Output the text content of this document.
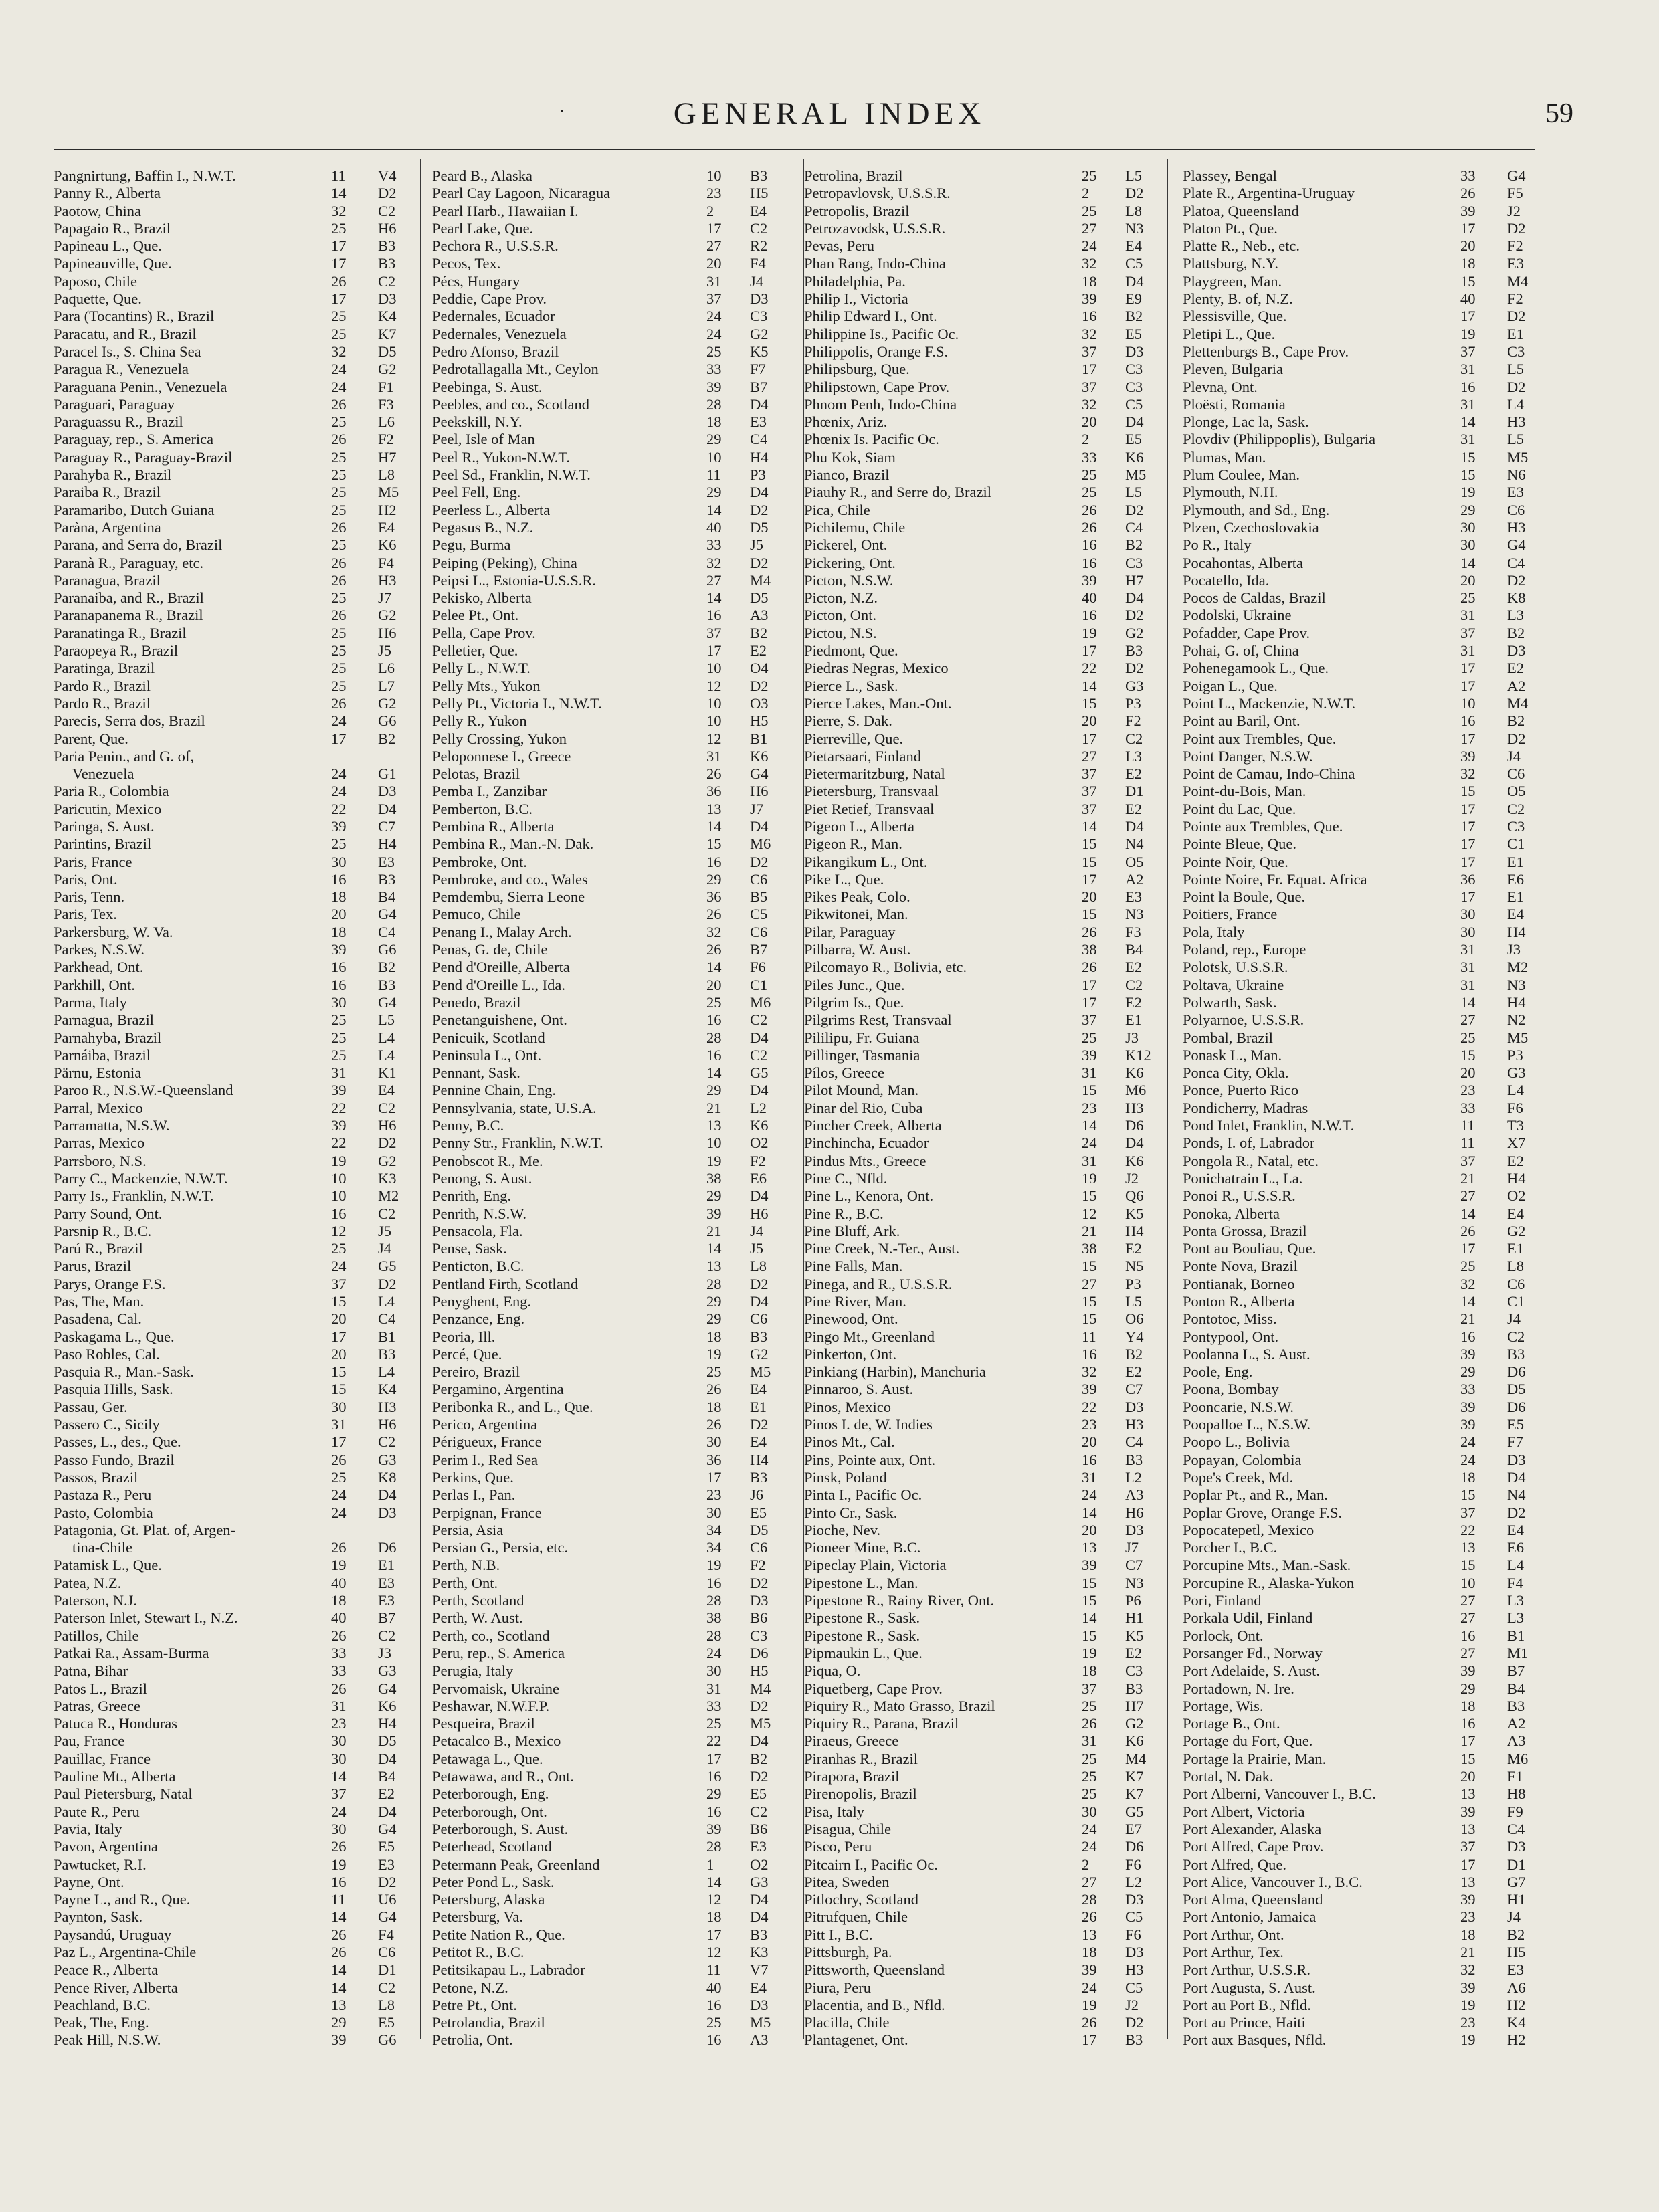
·	GENERAL INDEX	59
Pangnirtung, Baffin I., N.W.T.	11 V4
Panny R., Alberta	14 D2
Paotow, China	32 C2
Papagaio R., Brazil	25 H6
Papineau L., Que.	17 B3
Papineauville, Que.	17 B3
Paposo, Chile	26 C2
Paquette, Que.	17 D3
Para (Tocantins) R., Brazil	25 K4
Paracatu, and R., Brazil	25 K7
Paracel Is., S. China Sea	32 D5
Paragua R., Venezuela	24 G2
Paraguana Penin., Venezuela	24 F1
Paraguari, Paraguay	26 F3
Paraguassu R., Brazil	25 L6
Paraguay, rep., S. America	26 F2
Paraguay R., Paraguay-Brazil	25 H7
Parahyba R., Brazil	25 L8
Paraiba R., Brazil	25 M5
Paramaribo, Dutch Guiana	25 H2
Paràna, Argentina	26 E4
Parana, and Serra do, Brazil	25 K6
Paranà R., Paraguay, etc.	26 F4
Paranagua, Brazil	26 H3
Paranaiba, and R., Brazil	25 J7
Paranapanema R., Brazil	26 G2
Paranatinga R., Brazil	25 H6
Paraopeya R., Brazil	25 J5
Paratinga, Brazil	25 L6
Pardo R., Brazil	25 L7
Pardo R., Brazil	26 G2
Parecis, Serra dos, Brazil	24 G6
Parent, Que.	17 B2
Paria Penin., and G. of,
Venezuela	24 G1
Paria R., Colombia	24 D3
Paricutin, Mexico	22 D4
Paringa, S. Aust.	39 C7
Parintins, Brazil	25 H4
Paris, France	30 E3
Paris, Ont.	16 B3
Paris, Tenn.	18 B4
Paris, Tex.	20 G4
Parkersburg, W. Va.	18 C4
Parkes, N.S.W.	39 G6
Parkhead, Ont.	16 B2
Parkhill, Ont.	16 B3
Parma, Italy	30 G4
Parnagua, Brazil	25 L5
Parnahyba, Brazil	25 L4
Parnáiba, Brazil	25 L4
Pärnu, Estonia	31 K1
Paroo R., N.S.W.-Queensland	39 E4
Parral, Mexico	22 C2
Parramatta, N.S.W.	39 H6
Parras, Mexico	22 D2
Parrsboro, N.S.	19 G2
Parry C., Mackenzie, N.W.T.	10 K3
Parry Is., Franklin, N.W.T.	10 M2
Parry Sound, Ont.	16 C2
Parsnip R., B.C.	12 J5
Parú R., Brazil	25 J4
Parus, Brazil	24 G5
Parys, Orange F.S.	37 D2
Pas, The, Man.	15 L4
Pasadena, Cal.	20 C4
Paskagama L., Que.	17 B1
Paso Robles, Cal.	20 B3
Pasquia R., Man.-Sask.	15 L4
Pasquia Hills, Sask.	15 K4
Passau, Ger.	30 H3
Passero C., Sicily	31 H6
Passes, L., des., Que.	17 C2
Passo Fundo, Brazil	26 G3
Passos, Brazil	25 K8
Pastaza R., Peru	24 D4
Pasto, Colombia	24 D3
Patagonia, Gt. Plat. of, Argen-
tina-Chile	26 D6
Patamisk L., Que.	19 E1
Patea, N.Z.	40 E3
Paterson, N.J.	18 E3
Paterson Inlet, Stewart I., N.Z.	40 B7
Patillos, Chile	26 C2
Patkai Ra., Assam-Burma	33 J3
Patna, Bihar	33 G3
Patos L., Brazil	26 G4
Patras, Greece	31 K6
Patuca R., Honduras	23 H4
Pau, France	30 D5
Pauillac, France	30 D4
Pauline Mt., Alberta	14 B4
Paul Pietersburg, Natal	37 E2
Paute R., Peru	24 D4
Pavia, Italy	30 G4
Pavon, Argentina	26 E5
Pawtucket, R.I.	19 E3
Payne, Ont.	16 D2
Payne L., and R., Que.	11 U6
Paynton, Sask.	14 G4
Paysandú, Uruguay	26 F4
Paz L., Argentina-Chile	26 C6
Peace R., Alberta	14 D1
Pence River, Alberta	14 C2
Peachland, B.C.	13 L8
Peak, The, Eng.	29 E5
Peak Hill, N.S.W.	39 G6
Peard B., Alaska	10 B3
Pearl Cay Lagoon, Nicaragua	23 H5
Pearl Harb., Hawaiian I.	2 E4
Pearl Lake, Que.	17 C2
Pechora R., U.S.S.R.	27 R2
Pecos, Tex.	20 F4
Pécs, Hungary	31 J4
Peddie, Cape Prov.	37 D3
Pedernales, Ecuador	24 C3
Pedernales, Venezuela	24 G2
Pedro Afonso, Brazil	25 K5
Pedrotallagalla Mt., Ceylon	33 F7
Peebinga, S. Aust.	39 B7
Peebles, and co., Scotland	28 D4
Peekskill, N.Y.	18 E3
Peel, Isle of Man	29 C4
Peel R., Yukon-N.W.T.	10 H4
Peel Sd., Franklin, N.W.T.	11 P3
Peel Fell, Eng.	29 D4
Peerless L., Alberta	14 D2
Pegasus B., N.Z.	40 D5
Pegu, Burma	33 J5
Peiping (Peking), China	32 D2
Peipsi L., Estonia-U.S.S.R.	27 M4
Pekisko, Alberta	14 D5
Pelee Pt., Ont.	16 A3
Pella, Cape Prov.	37 B2
Pelletier, Que.	17 E2
Pelly L., N.W.T.	10 O4
Pelly Mts., Yukon	12 D2
Pelly Pt., Victoria I., N.W.T.	10 O3
Pelly R., Yukon	10 H5
Pelly Crossing, Yukon	12 B1
Peloponnese I., Greece	31 K6
Pelotas, Brazil	26 G4
Pemba I., Zanzibar	36 H6
Pemberton, B.C.	13 J7
Pembina R., Alberta	14 D4
Pembina R., Man.-N. Dak.	15 M6
Pembroke, Ont.	16 D2
Pembroke, and co., Wales	29 C6
Pemdembu, Sierra Leone	36 B5
Pemuco, Chile	26 C5
Penang I., Malay Arch.	32 C6
Penas, G. de, Chile	26 B7
Pend d'Oreille, Alberta	14 F6
Pend d'Oreille L., Ida.	20 C1
Penedo, Brazil	25 M6
Penetanguishene, Ont.	16 C2
Penicuik, Scotland	28 D4
Peninsula L., Ont.	16 C2
Pennant, Sask.	14 G5
Pennine Chain, Eng.	29 D4
Pennsylvania, state, U.S.A.	21 L2
Penny, B.C.	13 K6
Penny Str., Franklin, N.W.T.	10 O2
Penobscot R., Me.	19 F2
Penong, S. Aust.	38 E6
Penrith, Eng.	29 D4
Penrith, N.S.W.	39 H6
Pensacola, Fla.	21 J4
Pense, Sask.	14 J5
Penticton, B.C.	13 L8
Pentland Firth, Scotland	28 D2
Penyghent, Eng.	29 D4
Penzance, Eng.	29 C6
Peoria, Ill.	18 B3
Percé, Que.	19 G2
Pereiro, Brazil	25 M5
Pergamino, Argentina	26 E4
Peribonka R., and L., Que.	18 E1
Perico, Argentina	26 D2
Périgueux, France	30 E4
Perim I., Red Sea	36 H4
Perkins, Que.	17 B3
Perlas I., Pan.	23 J6
Perpignan, France	30 E5
Persia, Asia	34 D5
Persian G., Persia, etc.	34 C6
Perth, N.B.	19 F2
Perth, Ont.	16 D2
Perth, Scotland	28 D3
Perth, W. Aust.	38 B6
Perth, co., Scotland	28 C3
Peru, rep., S. America	24 D6
Perugia, Italy	30 H5
Pervomaisk, Ukraine	31 M4
Peshawar, N.W.F.P.	33 D2
Pesqueira, Brazil	25 M5
Petacalco B., Mexico	22 D4
Petawaga L., Que.	17 B2
Petawawa, and R., Ont.	16 D2
Peterborough, Eng.	29 E5
Peterborough, Ont.	16 C2
Peterborough, S. Aust.	39 B6
Peterhead, Scotland	28 E3
Petermann Peak, Greenland	1 O2
Peter Pond L., Sask.	14 G3
Petersburg, Alaska	12 D4
Petersburg, Va.	18 D4
Petite Nation R., Que.	17 B3
Petitot R., B.C.	12 K3
Petitsikapau L., Labrador	11 V7
Petone, N.Z.	40 E4
Petre Pt., Ont.	16 D3
Petrolandia, Brazil	25 M5
Petrolia, Ont.	16 A3
Petrolina, Brazil	25 L5
Petropavlovsk, U.S.S.R.	2 D2
Petropolis, Brazil	25 L8
Petrozavodsk, U.S.S.R.	27 N3
Pevas, Peru	24 E4
Phan Rang, Indo-China	32 C5
Philadelphia, Pa.	18 D4
Philip I., Victoria	39 E9
Philip Edward I., Ont.	16 B2
Philippine Is., Pacific Oc.	32 E5
Philippolis, Orange F.S.	37 D3
Philipsburg, Que.	17 C3
Philipstown, Cape Prov.	37 C3
Phnom Penh, Indo-China	32 C5
Phœnix, Ariz.	20 D4
Phœnix Is. Pacific Oc.	2 E5
Phu Kok, Siam	33 K6
Pianco, Brazil	25 M5
Piauhy R., and Serre do, Brazil	25 L5
Pica, Chile	26 D2
Pichilemu, Chile	26 C4
Pickerel, Ont.	16 B2
Pickering, Ont.	16 C3
Picton, N.S.W.	39 H7
Picton, N.Z.	40 D4
Picton, Ont.	16 D2
Pictou, N.S.	19 G2
Piedmont, Que.	17 B3
Piedras Negras, Mexico	22 D2
Pierce L., Sask.	14 G3
Pierce Lakes, Man.-Ont.	15 P3
Pierre, S. Dak.	20 F2
Pierreville, Que.	17 C2
Pietarsaari, Finland	27 L3
Pietermaritzburg, Natal	37 E2
Pietersburg, Transvaal	37 D1
Piet Retief, Transvaal	37 E2
Pigeon L., Alberta	14 D4
Pigeon R., Man.	15 N4
Pikangikum L., Ont.	15 O5
Pike L., Que.	17 A2
Pikes Peak, Colo.	20 E3
Pikwitonei, Man.	15 N3
Pilar, Paraguay	26 F3
Pilbarra, W. Aust.	38 B4
Pilcomayo R., Bolivia, etc.	26 E2
Piles Junc., Que.	17 C2
Pilgrim Is., Que.	17 E2
Pilgrims Rest, Transvaal	37 E1
Pililipu, Fr. Guiana	25 J3
Pillinger, Tasmania	39 K12
Pílos, Greece	31 K6
Pilot Mound, Man.	15 M6
Pinar del Rio, Cuba	23 H3
Pincher Creek, Alberta	14 D6
Pinchincha, Ecuador	24 D4
Pindus Mts., Greece	31 K6
Pine C., Nfld.	19 J2
Pine L., Kenora, Ont.	15 Q6
Pine R., B.C.	12 K5
Pine Bluff, Ark.	21 H4
Pine Creek, N.-Ter., Aust.	38 E2
Pine Falls, Man.	15 N5
Pinega, and R., U.S.S.R.	27 P3
Pine River, Man.	15 L5
Pinewood, Ont.	15 O6
Pingo Mt., Greenland	11 Y4
Pinkerton, Ont.	16 B2
Pinkiang (Harbin), Manchuria	32 E2
Pinnaroo, S. Aust.	39 C7
Pinos, Mexico	22 D3
Pinos I. de, W. Indies	23 H3
Pinos Mt., Cal.	20 C4
Pins, Pointe aux, Ont.	16 B3
Pinsk, Poland	31 L2
Pinta I., Pacific Oc.	24 A3
Pinto Cr., Sask.	14 H6
Pioche, Nev.	20 D3
Pioneer Mine, B.C.	13 J7
Pipeclay Plain, Victoria	39 C7
Pipestone L., Man.	15 N3
Pipestone R., Rainy River, Ont.	15 P6
Pipestone R., Sask.	14 H1
Pipestone R., Sask.	15 K5
Pipmaukin L., Que.	19 E2
Piqua, O.	18 C3
Piquetberg, Cape Prov.	37 B3
Piquiry R., Mato Grasso, Brazil	25 H7
Piquiry R., Parana, Brazil	26 G2
Piraeus, Greece	31 K6
Piranhas R., Brazil	25 M4
Pirapora, Brazil	25 K7
Pirenopolis, Brazil	25 K7
Pisa, Italy	30 G5
Pisagua, Chile	24 E7
Pisco, Peru	24 D6
Pitcairn I., Pacific Oc.	2 F6
Pitea, Sweden	27 L2
Pitlochry, Scotland	28 D3
Pitrufquen, Chile	26 C5
Pitt I., B.C.	13 F6
Pittsburgh, Pa.	18 D3
Pittsworth, Queensland	39 H3
Piura, Peru	24 C5
Placentia, and B., Nfld.	19 J2
Placilla, Chile	26 D2
Plantagenet, Ont.	17 B3
Plassey, Bengal	33 G4
Plate R., Argentina-Uruguay	26 F5
Platoa, Queensland	39 J2
Platon Pt., Que.	17 D2
Platte R., Neb., etc.	20 F2
Plattsburg, N.Y.	18 E3
Playgreen, Man.	15 M4
Plenty, B. of, N.Z.	40 F2
Plessisville, Que.	17 D2
Pletipi L., Que.	19 E1
Plettenburgs B., Cape Prov.	37 C3
Pleven, Bulgaria	31 L5
Plevna, Ont.	16 D2
Ploësti, Romania	31 L4
Plonge, Lac la, Sask.	14 H3
Plovdiv (Philippoplis), Bulgaria	31 L5
Plumas, Man.	15 M5
Plum Coulee, Man.	15 N6
Plymouth, N.H.	19 E3
Plymouth, and Sd., Eng.	29 C6
Plzen, Czechoslovakia	30 H3
Po R., Italy	30 G4
Pocahontas, Alberta	14 C4
Pocatello, Ida.	20 D2
Pocos de Caldas, Brazil	25 K8
Podolski, Ukraine	31 L3
Pofadder, Cape Prov.	37 B2
Pohai, G. of, China	31 D3
Pohenegamook L., Que.	17 E2
Poigan L., Que.	17 A2
Point L., Mackenzie, N.W.T.	10 M4
Point au Baril, Ont.	16 B2
Point aux Trembles, Que.	17 D2
Point Danger, N.S.W.	39 J4
Point de Camau, Indo-China	32 C6
Point-du-Bois, Man.	15 O5
Point du Lac, Que.	17 C2
Pointe aux Trembles, Que.	17 C3
Pointe Bleue, Que.	17 C1
Pointe Noir, Que.	17 E1
Pointe Noire, Fr. Equat. Africa	36 E6
Point la Boule, Que.	17 E1
Poitiers, France	30 E4
Pola, Italy	30 H4
Poland, rep., Europe	31 J3
Polotsk, U.S.S.R.	31 M2
Poltava, Ukraine	31 N3
Polwarth, Sask.	14 H4
Polyarnoe, U.S.S.R.	27 N2
Pombal, Brazil	25 M5
Ponask L., Man.	15 P3
Ponca City, Okla.	20 G3
Ponce, Puerto Rico	23 L4
Pondicherry, Madras	33 F6
Pond Inlet, Franklin, N.W.T.	11 T3
Ponds, I. of, Labrador	11 X7
Pongola R., Natal, etc.	37 E2
Ponichatrain L., La.	21 H4
Ponoi R., U.S.S.R.	27 O2
Ponoka, Alberta	14 E4
Ponta Grossa, Brazil	26 G2
Pont au Bouliau, Que.	17 E1
Ponte Nova, Brazil	25 L8
Pontianak, Borneo	32 C6
Ponton R., Alberta	14 C1
Pontotoc, Miss.	21 J4
Pontypool, Ont.	16 C2
Poolanna L., S. Aust.	39 B3
Poole, Eng.	29 D6
Poona, Bombay	33 D5
Pooncarie, N.S.W.	39 D6
Poopalloe L., N.S.W.	39 E5
Poopo L., Bolivia	24 F7
Popayan, Colombia	24 D3
Pope's Creek, Md.	18 D4
Poplar Pt., and R., Man.	15 N4
Poplar Grove, Orange F.S.	37 D2
Popocatepetl, Mexico	22 E4
Porcher I., B.C.	13 E6
Porcupine Mts., Man.-Sask.	15 L4
Porcupine R., Alaska-Yukon	10 F4
Pori, Finland	27 L3
Porkala Udil, Finland	27 L3
Porlock, Ont.	16 B1
Porsanger Fd., Norway	27 M1
Port Adelaide, S. Aust.	39 B7
Portadown, N. Ire.	29 B4
Portage, Wis.	18 B3
Portage B., Ont.	16 A2
Portage du Fort, Que.	17 A3
Portage la Prairie, Man.	15 M6
Portal, N. Dak.	20 F1
Port Alberni, Vancouver I., B.C.	13 H8
Port Albert, Victoria	39 F9
Port Alexander, Alaska	13 C4
Port Alfred, Cape Prov.	37 D3
Port Alfred, Que.	17 D1
Port Alice, Vancouver I., B.C.	13 G7
Port Alma, Queensland	39 H1
Port Antonio, Jamaica	23 J4
Port Arthur, Ont.	18 B2
Port Arthur, Tex.	21 H5
Port Arthur, U.S.S.R.	32 E3
Port Augusta, S. Aust.	39 A6
Port au Port B., Nfld.	19 H2
Port au Prince, Haiti	23 K4
Port aux Basques, Nfld.	19 H2
